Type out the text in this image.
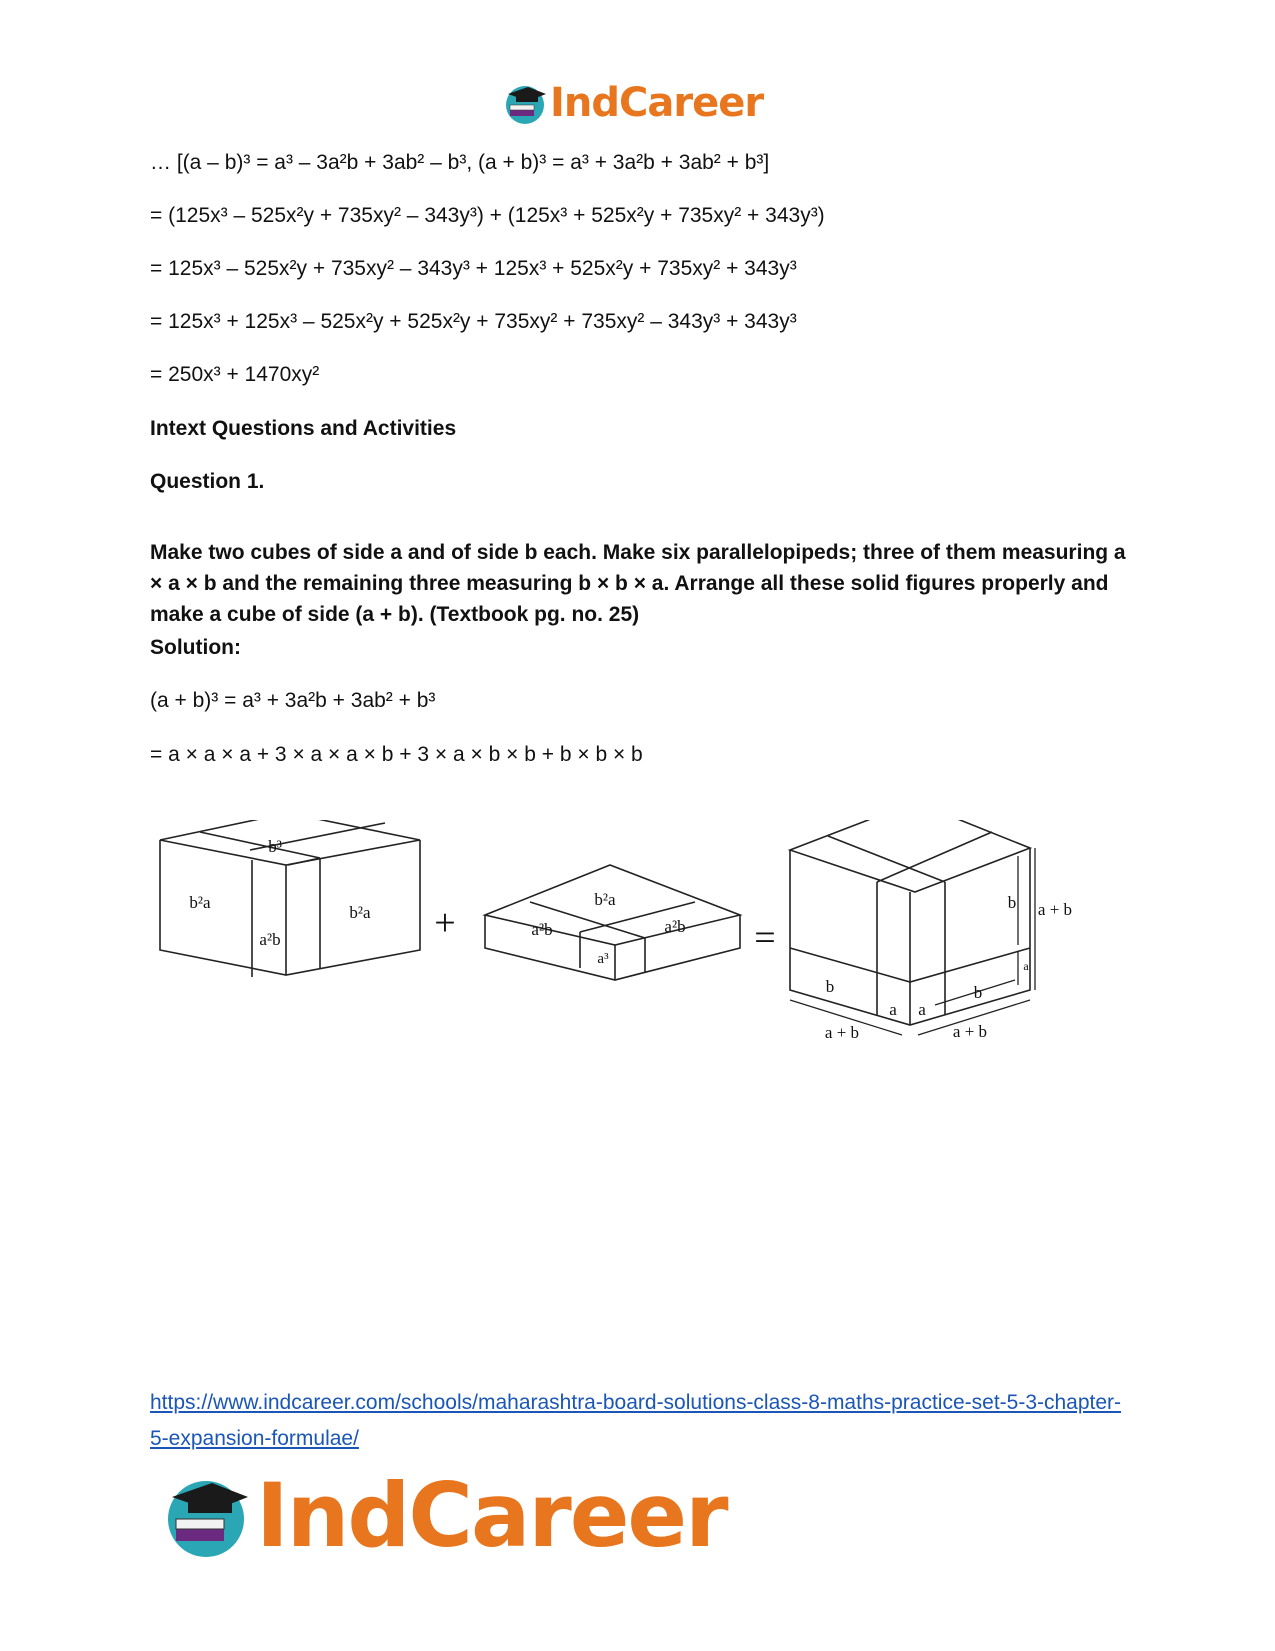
IndCareer

… [(a – b)³ = a³ – 3a²b + 3ab² – b³, (a + b)³ = a³ + 3a²b + 3ab² + b³]

= (125x³ – 525x²y + 735xy² – 343y³) + (125x³ + 525x²y + 735xy² + 343y³)

= 125x³ – 525x²y + 735xy² – 343y³ + 125x³ + 525x²y + 735xy² + 343y³

= 125x³ + 125x³ – 525x²y + 525x²y + 735xy² + 735xy² – 343y³ + 343y³

= 250x³ + 1470xy²

Intext Questions and Activities

Question 1.

Make two cubes of side a and of side b each. Make six parallelopipeds; three of them measuring a × a × b and the remaining three measuring b × b × a. Arrange all these solid figures properly and make a cube of side (a + b). (Textbook pg. no. 25)

Solution:

(a + b)³ = a³ + 3a²b + 3ab² + b³

= a × a × a + 3 × a × a × b + 3 × a × b × b + b × b × b

b³
b²a
a²b
b²a +
b²a
a²b	a²b
a³	=
b
a a
b
b
a
a + b
a + b	a + b
https://www.indcareer.com/schools/maharashtra-board-solutions-class-8-maths-practice-set-5-3-chapter-5-expansion-formulae/
IndCareer
